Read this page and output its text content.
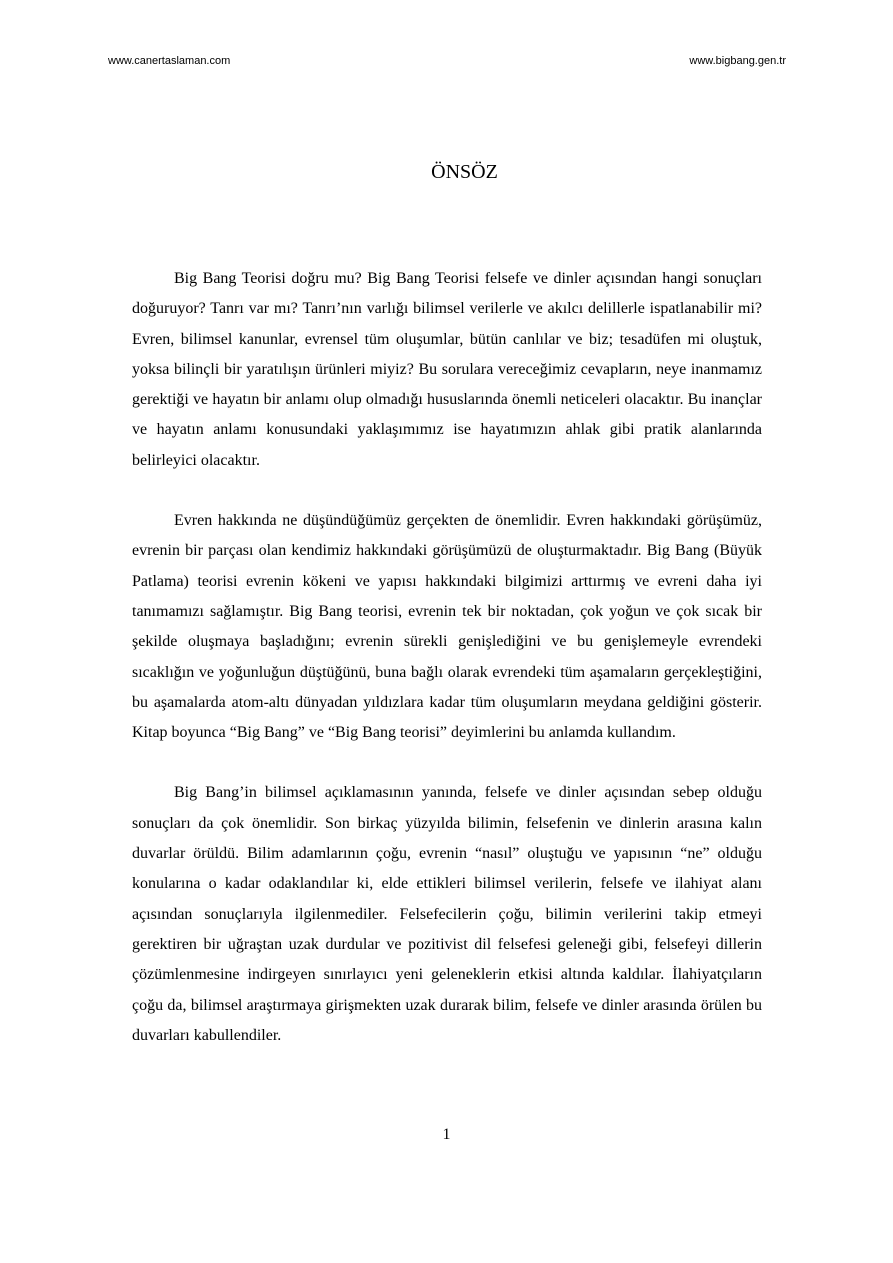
www.canertaslaman.com	www.bigbang.gen.tr
ÖNSÖZ

Big Bang Teorisi doğru mu? Big Bang Teorisi felsefe ve dinler açısından hangi sonuçları doğuruyor? Tanrı var mı? Tanrı’nın varlığı bilimsel verilerle ve akılcı delillerle ispatlanabilir mi? Evren, bilimsel kanunlar, evrensel tüm oluşumlar, bütün canlılar ve biz; tesadüfen mi oluştuk, yoksa bilinçli bir yaratılışın ürünleri miyiz? Bu sorulara vereceğimiz cevapların, neye inanmamız gerektiği ve hayatın bir anlamı olup olmadığı hususlarında önemli neticeleri olacaktır. Bu inançlar ve hayatın anlamı konusundaki yaklaşımımız ise hayatımızın ahlak gibi pratik alanlarında belirleyici olacaktır.

Evren hakkında ne düşündüğümüz gerçekten de önemlidir. Evren hakkındaki görüşümüz, evrenin bir parçası olan kendimiz hakkındaki görüşümüzü de oluşturmaktadır. Big Bang (Büyük Patlama) teorisi evrenin kökeni ve yapısı hakkındaki bilgimizi arttırmış ve evreni daha iyi tanımamızı sağlamıştır. Big Bang teorisi, evrenin tek bir noktadan, çok yoğun ve çok sıcak bir şekilde oluşmaya başladığını; evrenin sürekli genişlediğini ve bu genişlemeyle evrendeki sıcaklığın ve yoğunluğun düştüğünü, buna bağlı olarak evrendeki tüm aşamaların gerçekleştiğini, bu aşamalarda atom-altı dünyadan yıldızlara kadar tüm oluşumların meydana geldiğini gösterir. Kitap boyunca “Big Bang” ve “Big Bang teorisi” deyimlerini bu anlamda kullandım.

Big Bang’in bilimsel açıklamasının yanında, felsefe ve dinler açısından sebep olduğu sonuçları da çok önemlidir. Son birkaç yüzyılda bilimin, felsefenin ve dinlerin arasına kalın duvarlar örüldü. Bilim adamlarının çoğu, evrenin “nasıl” oluştuğu ve yapısının “ne” olduğu konularına o kadar odaklandılar ki, elde ettikleri bilimsel verilerin, felsefe ve ilahiyat alanı açısından sonuçlarıyla ilgilenmediler. Felsefecilerin çoğu, bilimin verilerini takip etmeyi gerektiren bir uğraştan uzak durdular ve pozitivist dil felsefesi geleneği gibi, felsefeyi dillerin çözümlenmesine indirgeyen sınırlayıcı yeni geleneklerin etkisi altında kaldılar. İlahiyatçıların çoğu da, bilimsel araştırmaya girişmekten uzak durarak bilim, felsefe ve dinler arasında örülen bu duvarları kabullendiler.

1
